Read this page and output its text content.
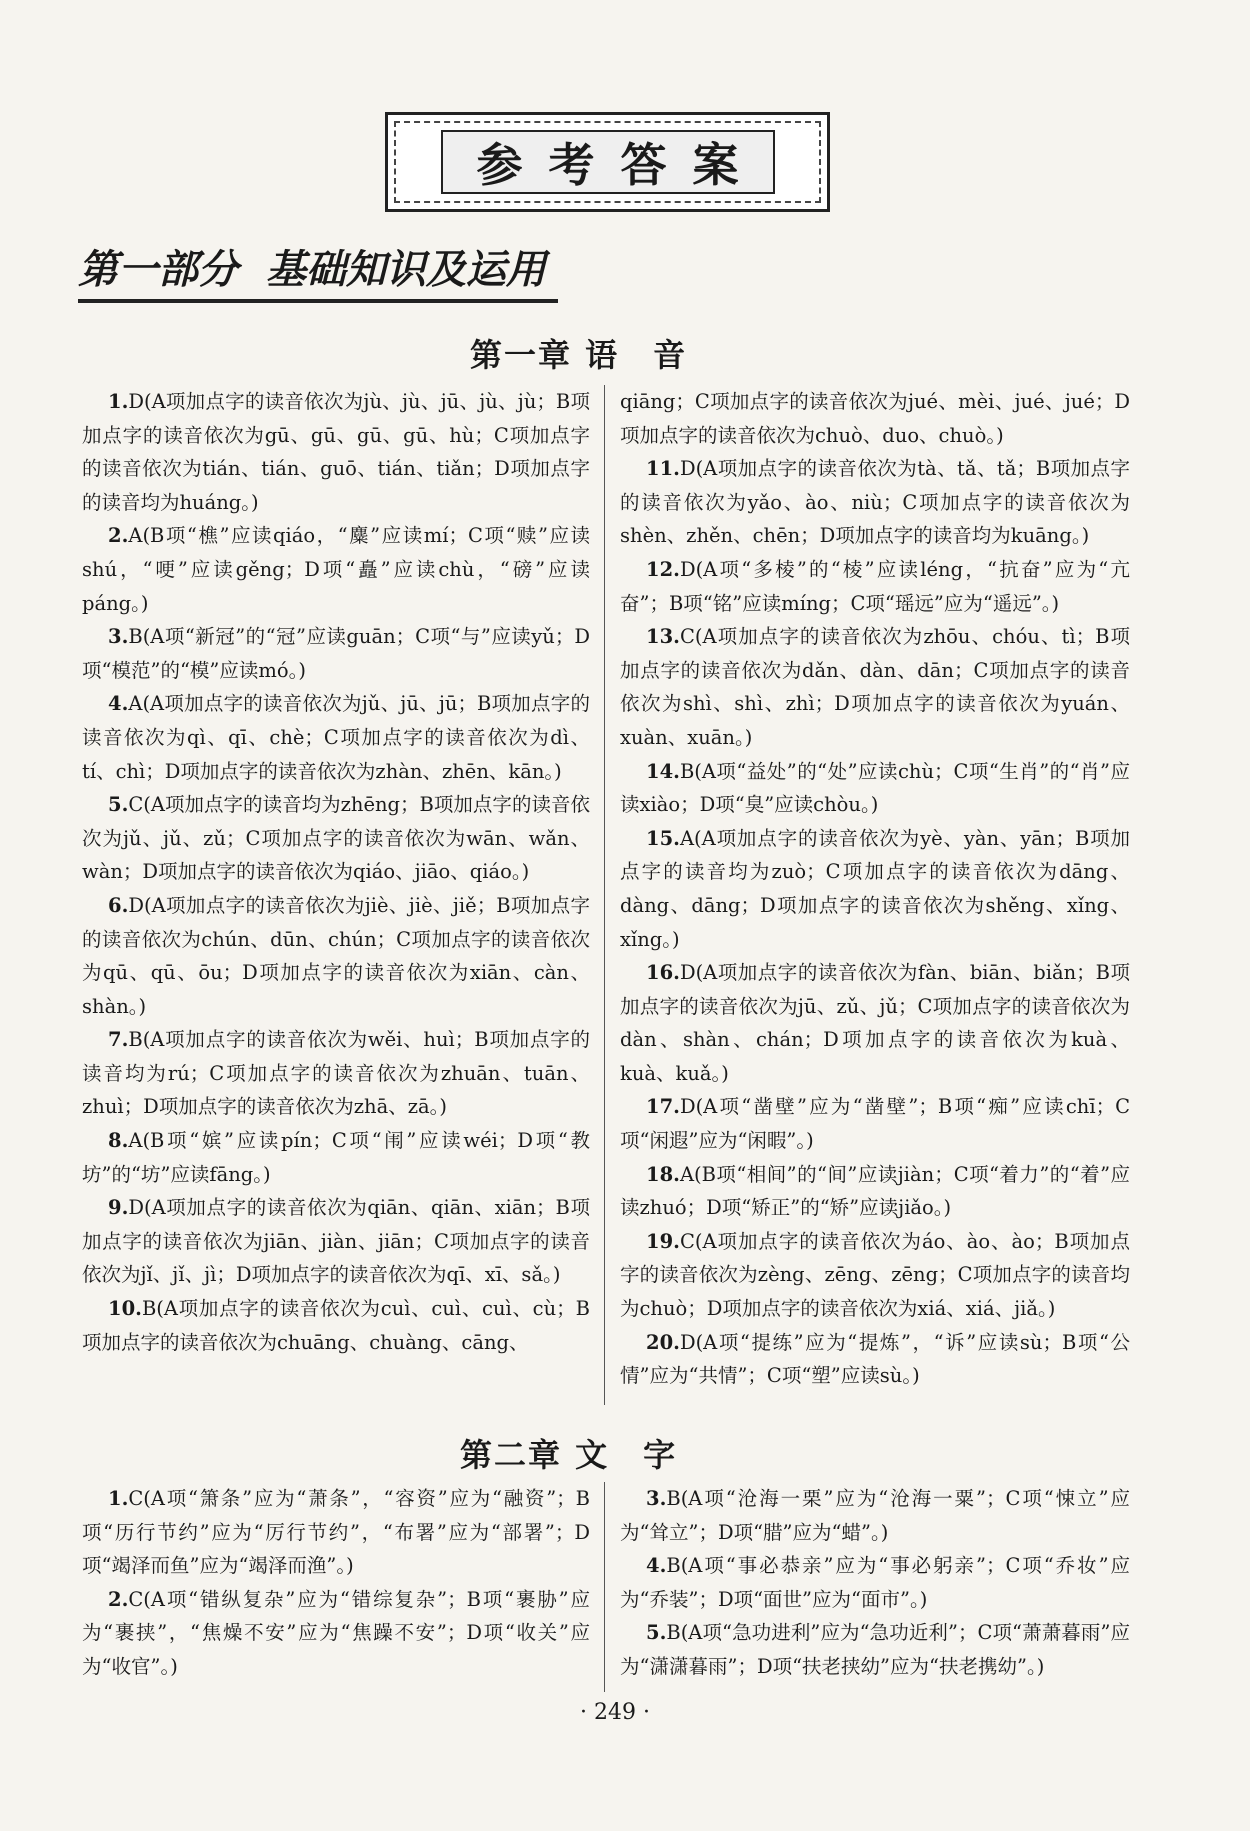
参考答案
第一部分  基础知识及运用
第一章 语　音

1.D(A项加点字的读音依次为jù、jù、jū、jù、jù；B项加点字的读音依次为gū、gū、gū、gū、hù；C项加点字的读音依次为tián、tián、guō、tián、tiǎn；D项加点字的读音均为huáng。)

2.A(B项“樵”应读qiáo，“麋”应读mí；C项“赎”应读shú，“哽”应读gěng；D项“矗”应读chù，“磅”应读páng。)

3.B(A项“新冠”的“冠”应读guān；C项“与”应读yǔ；D项“模范”的“模”应读mó。)

4.A(A项加点字的读音依次为jǔ、jū、jū；B项加点字的读音依次为qì、qī、chè；C项加点字的读音依次为dì、tí、chì；D项加点字的读音依次为zhàn、zhēn、kān。)

5.C(A项加点字的读音均为zhēng；B项加点字的读音依次为jǔ、jǔ、zǔ；C项加点字的读音依次为wān、wǎn、wàn；D项加点字的读音依次为qiáo、jiāo、qiáo。)

6.D(A项加点字的读音依次为jiè、jiè、jiě；B项加点字的读音依次为chún、dūn、chún；C项加点字的读音依次为qū、qū、ōu；D项加点字的读音依次为xiān、càn、shàn。)

7.B(A项加点字的读音依次为wěi、huì；B项加点字的读音均为rú；C项加点字的读音依次为zhuān、tuān、zhuì；D项加点字的读音依次为zhā、zā。)

8.A(B项“嫔”应读pín；C项“闱”应读wéi；D项“教坊”的“坊”应读fāng。)

9.D(A项加点字的读音依次为qiān、qiān、xiān；B项加点字的读音依次为jiān、jiàn、jiān；C项加点字的读音依次为jǐ、jǐ、jì；D项加点字的读音依次为qī、xī、sǎ。)

10.B(A项加点字的读音依次为cuì、cuì、cuì、cù；B项加点字的读音依次为chuāng、chuàng、cāng、

qiāng；C项加点字的读音依次为jué、mèi、jué、jué；D项加点字的读音依次为chuò、duo、chuò。)

11.D(A项加点字的读音依次为tà、tǎ、tǎ；B项加点字的读音依次为yǎo、ào、niù；C项加点字的读音依次为shèn、zhěn、chēn；D项加点字的读音均为kuāng。)

12.D(A项“多棱”的“棱”应读léng，“抗奋”应为“亢奋”；B项“铭”应读míng；C项“瑶远”应为“遥远”。)

13.C(A项加点字的读音依次为zhōu、chóu、tì；B项加点字的读音依次为dǎn、dàn、dān；C项加点字的读音依次为shì、shì、zhì；D项加点字的读音依次为yuán、xuàn、xuān。)

14.B(A项“益处”的“处”应读chù；C项“生肖”的“肖”应读xiào；D项“臭”应读chòu。)

15.A(A项加点字的读音依次为yè、yàn、yān；B项加点字的读音均为zuò；C项加点字的读音依次为dāng、dàng、dāng；D项加点字的读音依次为shěng、xǐng、xǐng。)

16.D(A项加点字的读音依次为fàn、biān、biǎn；B项加点字的读音依次为jū、zǔ、jǔ；C项加点字的读音依次为dàn、shàn、chán；D项加点字的读音依次为kuà、kuà、kuǎ。)

17.D(A项“凿壁”应为“凿壁”；B项“痴”应读chī；C项“闲遐”应为“闲暇”。)

18.A(B项“相间”的“间”应读jiàn；C项“着力”的“着”应读zhuó；D项“矫正”的“矫”应读jiǎo。)

19.C(A项加点字的读音依次为áo、ào、ào；B项加点字的读音依次为zèng、zēng、zēng；C项加点字的读音均为chuò；D项加点字的读音依次为xiá、xiá、jiǎ。)

20.D(A项“提练”应为“提炼”，“诉”应读sù；B项“公情”应为“共情”；C项“塑”应读sù。)

第二章 文　字

1.C(A项“箫条”应为“萧条”，“容资”应为“融资”；B项“历行节约”应为“厉行节约”，“布署”应为“部署”；D项“竭泽而鱼”应为“竭泽而渔”。)

2.C(A项“错纵复杂”应为“错综复杂”；B项“裹胁”应为“裹挟”，“焦燥不安”应为“焦躁不安”；D项“收关”应为“收官”。)

3.B(A项“沧海一栗”应为“沧海一粟”；C项“悚立”应为“耸立”；D项“腊”应为“蜡”。)

4.B(A项“事必恭亲”应为“事必躬亲”；C项“乔妆”应为“乔装”；D项“面世”应为“面市”。)

5.B(A项“急功进利”应为“急功近利”；C项“萧萧暮雨”应为“潇潇暮雨”；D项“扶老挟幼”应为“扶老携幼”。)

· 249 ·
